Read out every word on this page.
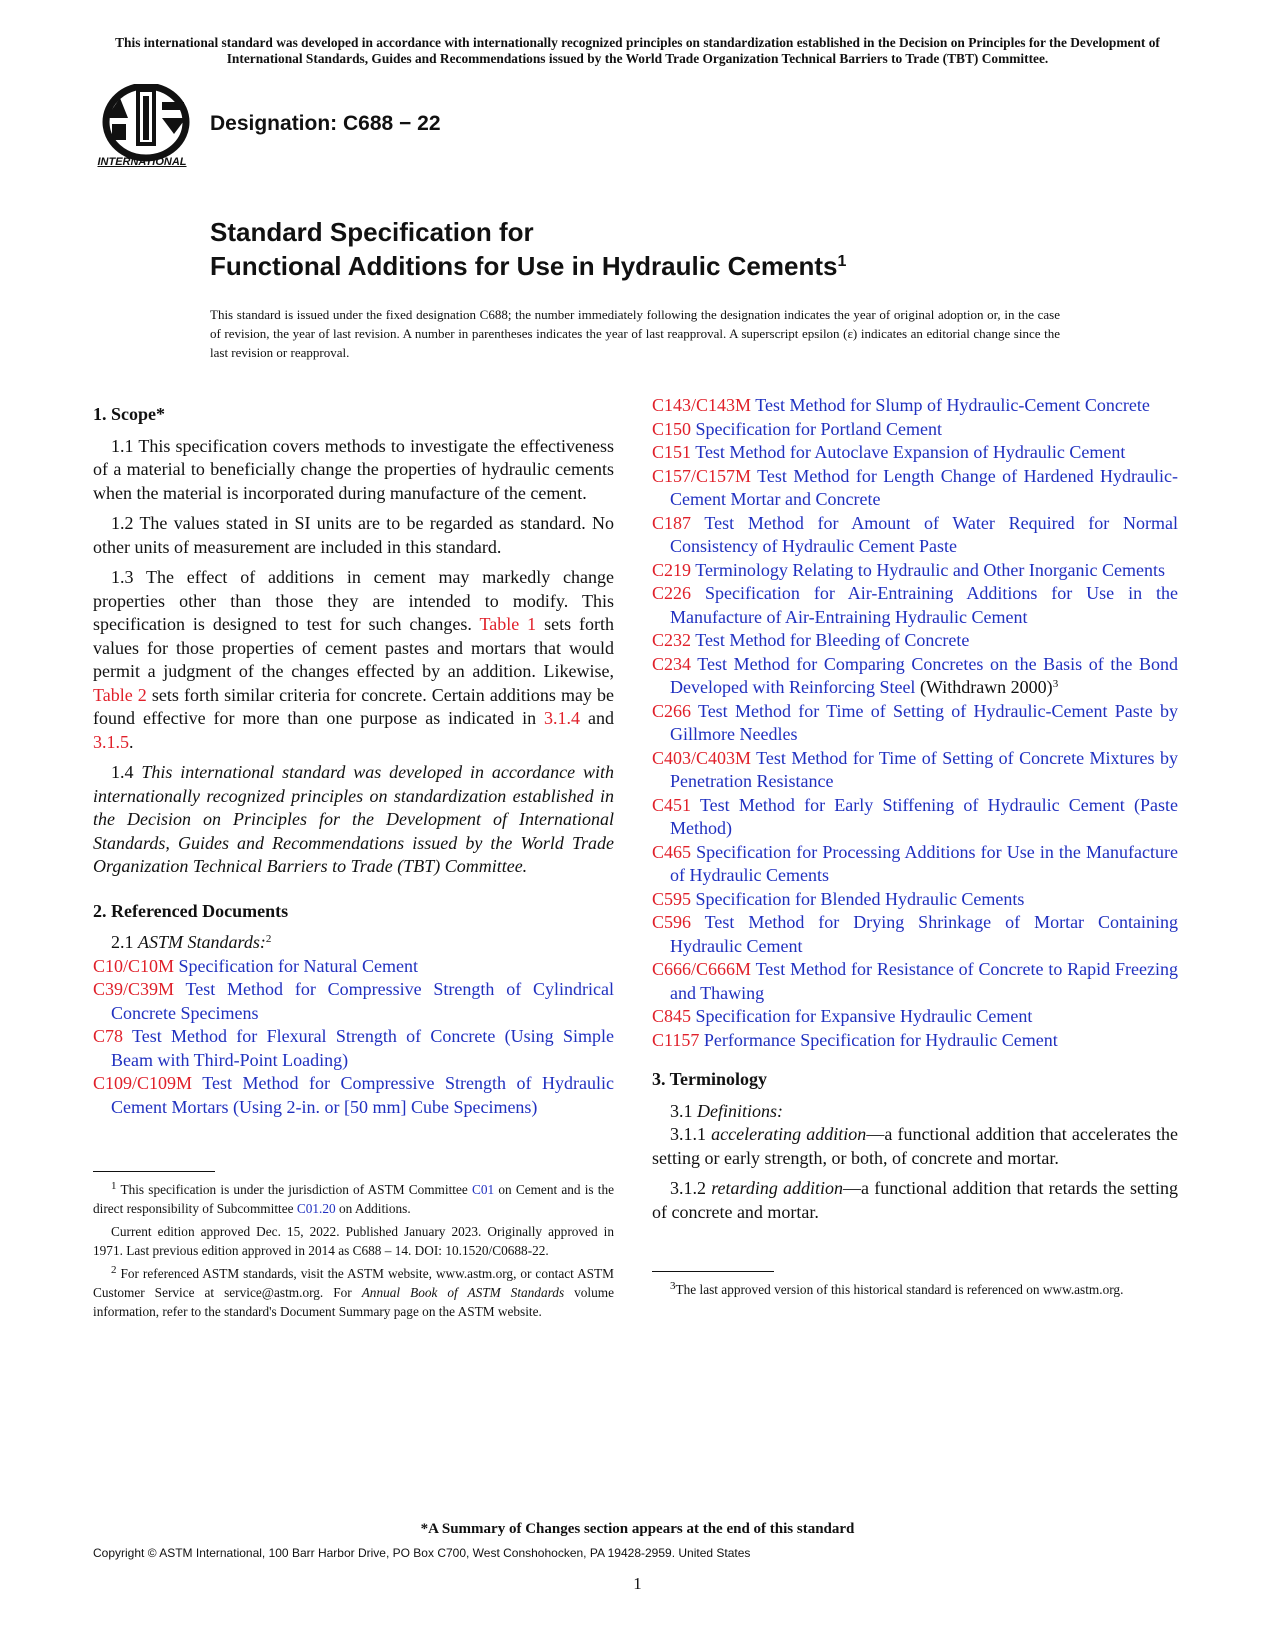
This international standard was developed in accordance with internationally recognized principles on standardization established in the Decision on Principles for the Development of International Standards, Guides and Recommendations issued by the World Trade Organization Technical Barriers to Trade (TBT) Committee.
INTERNATIONAL
Designation: C688 − 22
Standard Specification for
Functional Additions for Use in Hydraulic Cements$^1$
This standard is issued under the fixed designation C688; the number immediately following the designation indicates the year of original adoption or, in the case of revision, the year of last revision. A number in parentheses indicates the year of last reapproval. A superscript epsilon (ε) indicates an editorial change since the last revision or reapproval.
1. Scope*

1.1 This specification covers methods to investigate the effectiveness of a material to beneficially change the properties of hydraulic cements when the material is incorporated during manufacture of the cement.

1.2 The values stated in SI units are to be regarded as standard. No other units of measurement are included in this standard.

1.3 The effect of additions in cement may markedly change properties other than those they are intended to modify. This specification is designed to test for such changes. Table 1 sets forth values for those properties of cement pastes and mortars that would permit a judgment of the changes effected by an addition. Likewise, Table 2 sets forth similar criteria for concrete. Certain additions may be found effective for more than one purpose as indicated in 3.1.4 and 3.1.5.

1.4 This international standard was developed in accordance with internationally recognized principles on standardization established in the Decision on Principles for the Development of International Standards, Guides and Recommendations issued by the World Trade Organization Technical Barriers to Trade (TBT) Committee.

2. Referenced Documents

2.1 ASTM Standards:$^2$

C10/C10M Specification for Natural Cement

C39/C39M Test Method for Compressive Strength of Cylindrical Concrete Specimens

C78 Test Method for Flexural Strength of Concrete (Using Simple Beam with Third-Point Loading)

C109/C109M Test Method for Compressive Strength of Hydraulic Cement Mortars (Using 2-in. or [50 mm] Cube Specimens)

$^1$ This specification is under the jurisdiction of ASTM Committee C01 on Cement and is the direct responsibility of Subcommittee C01.20 on Additions.

Current edition approved Dec. 15, 2022. Published January 2023. Originally approved in 1971. Last previous edition approved in 2014 as C688 – 14. DOI: 10.1520/C0688-22.

$^2$ For referenced ASTM standards, visit the ASTM website, www.astm.org, or contact ASTM Customer Service at service@astm.org. For Annual Book of ASTM Standards volume information, refer to the standard's Document Summary page on the ASTM website.

C143/C143M Test Method for Slump of Hydraulic-Cement Concrete

C150 Specification for Portland Cement

C151 Test Method for Autoclave Expansion of Hydraulic Cement

C157/C157M Test Method for Length Change of Hardened Hydraulic-Cement Mortar and Concrete

C187 Test Method for Amount of Water Required for Normal Consistency of Hydraulic Cement Paste

C219 Terminology Relating to Hydraulic and Other Inorganic Cements

C226 Specification for Air-Entraining Additions for Use in the Manufacture of Air-Entraining Hydraulic Cement

C232 Test Method for Bleeding of Concrete

C234 Test Method for Comparing Concretes on the Basis of the Bond Developed with Reinforcing Steel (Withdrawn 2000)$^3$

C266 Test Method for Time of Setting of Hydraulic-Cement Paste by Gillmore Needles

C403/C403M Test Method for Time of Setting of Concrete Mixtures by Penetration Resistance

C451 Test Method for Early Stiffening of Hydraulic Cement (Paste Method)

C465 Specification for Processing Additions for Use in the Manufacture of Hydraulic Cements

C595 Specification for Blended Hydraulic Cements

C596 Test Method for Drying Shrinkage of Mortar Containing Hydraulic Cement

C666/C666M Test Method for Resistance of Concrete to Rapid Freezing and Thawing

C845 Specification for Expansive Hydraulic Cement

C1157 Performance Specification for Hydraulic Cement

3. Terminology

3.1 Definitions:

3.1.1 accelerating addition—a functional addition that accelerates the setting or early strength, or both, of concrete and mortar.

3.1.2 retarding addition—a functional addition that retards the setting of concrete and mortar.

$^3$The last approved version of this historical standard is referenced on www.astm.org.

*A Summary of Changes section appears at the end of this standard
Copyright © ASTM International, 100 Barr Harbor Drive, PO Box C700, West Conshohocken, PA 19428-2959. United States
1
